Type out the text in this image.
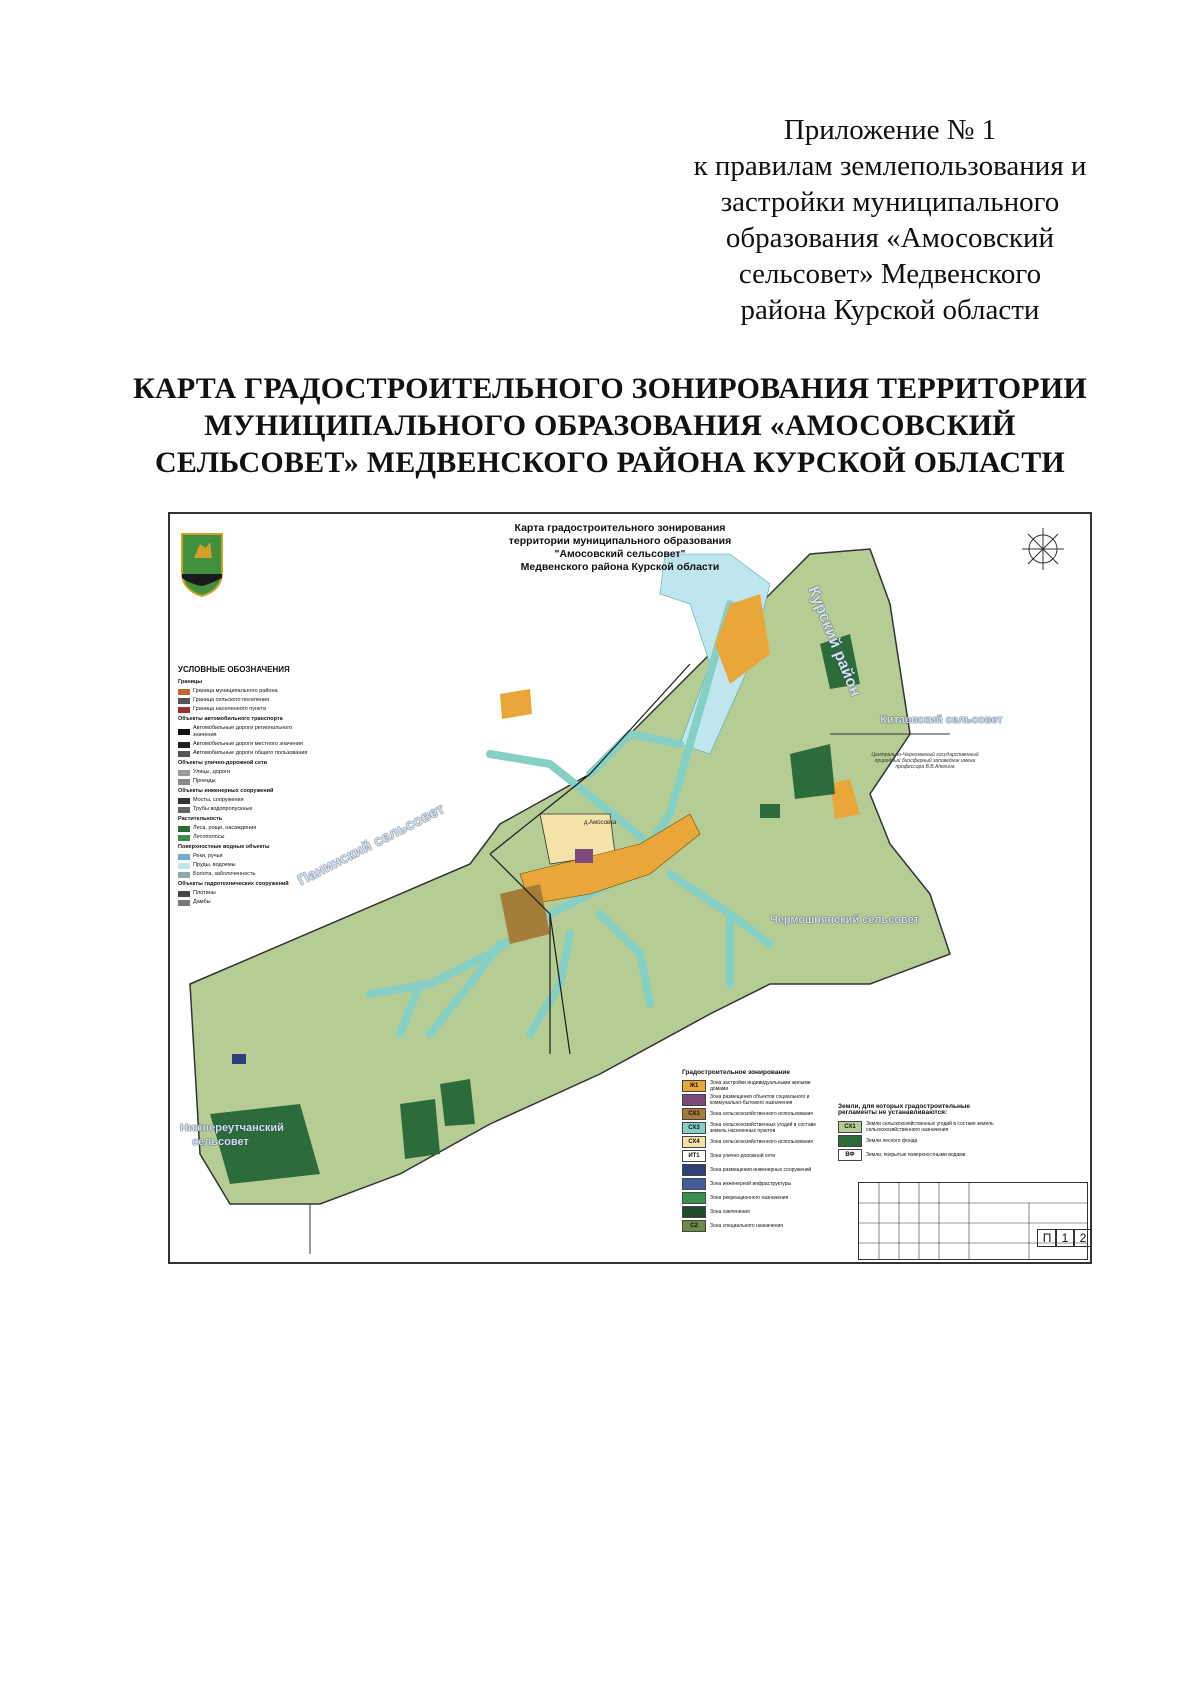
Приложение № 1
к правилам землепользования и
застройки муниципального
образования «Амосовский
сельсовет» Медвенского
района Курской области
КАРТА ГРАДОСТРОИТЕЛЬНОГО ЗОНИРОВАНИЯ ТЕРРИТОРИИ
МУНИЦИПАЛЬНОГО ОБРАЗОВАНИЯ «АМОСОВСКИЙ
СЕЛЬСОВЕТ» МЕДВЕНСКОГО РАЙОНА КУРСКОЙ ОБЛАСТИ
Карта градостроительного зонирования
территории муниципального образования
"Амосовский сельсовет"
Медвенского района Курской области
Курский район
Панинский сельсовет
Китаевский сельсовет
Чермошнянский сельсовет
Нижнереутчанский
сельсовет
Центрально-Черноземный государственный природный биосферный заповедник имени профессора В.В.Алехина
д.Амосовка
УСЛОВНЫЕ ОБОЗНАЧЕНИЯ
Границы
Граница муниципального района
Граница сельского поселения
Граница населенного пункта
Объекты автомобильного транспорта
Автомобильные дороги регионального значения
Автомобильные дороги местного значения
Автомобильные дороги общего пользования
Объекты улично-дорожной сети
Улицы, дороги
Проезды
Объекты инженерных сооружений
Мосты, сооружения
Трубы водопропускные
Растительность
Леса, рощи, насаждения
Лесополосы
Поверхностные водные объекты
Реки, ручьи
Пруды, водоемы
Болота, заболоченность
Объекты гидротехнических сооружений
Плотины
Дамбы
Градостроительное зонирование
Ж1	Зона застройки индивидуальными жилыми домами
Зона размещения объектов социального и коммунально-бытового назначения
СХ1	Зона сельскохозяйственного использования
СХ3	Зона сельскохозяйственных угодий в составе земель населенных пунктов
СХ4	Зона сельскохозяйственного использования
ИТ1	Зона улично-дорожной сети
Зона размещения инженерных сооружений
Зона инженерной инфраструктуры
Зона рекреационного назначения
Зона озеленения
С2	Зона специального назначения
Земли, для которых градостроительные регламенты не устанавливаются:
СХ1	Земли сельскохозяйственных угодий в составе земель сельскохозяйственного назначения
Земли лесного фонда
ВФ	Земли, покрытые поверхностными водами
П 1 2
